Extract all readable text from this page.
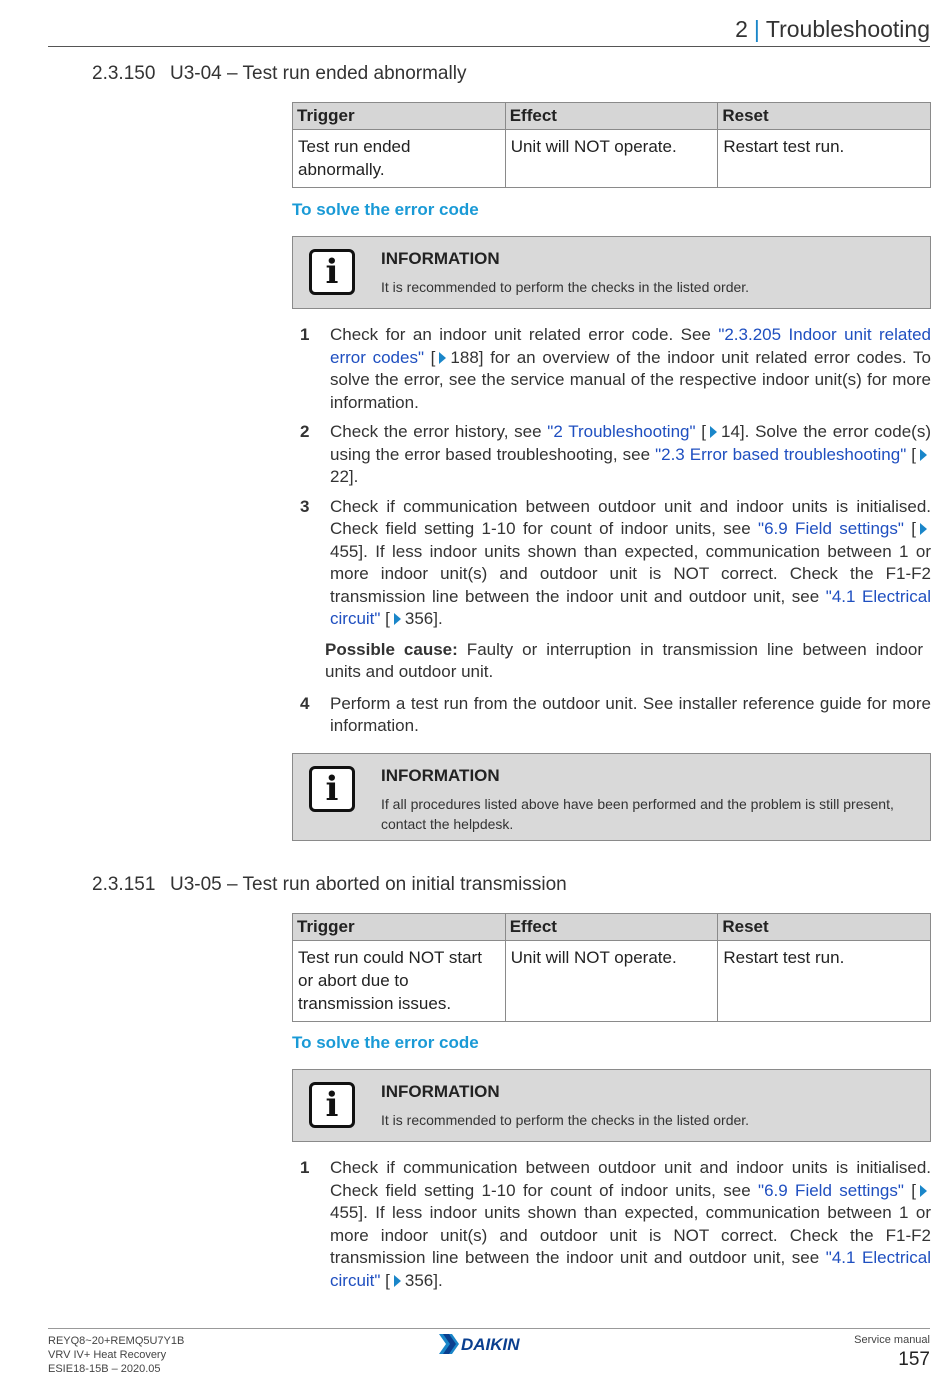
2 | Troubleshooting
2.3.150 U3-04 – Test run ended abnormally
Trigger	Effect	Reset
Test run ended abnormally.	Unit will NOT operate.	Restart test run.
To solve the error code
i	INFORMATION
It is recommended to perform the checks in the listed order.
1 Check for an indoor unit related error code. See "2.3.205 Indoor unit related error codes" [ 188] for an overview of the indoor unit related error codes. To solve the error, see the service manual of the respective indoor unit(s) for more information.
2 Check the error history, see "2 Troubleshooting" [ 14]. Solve the error code(s) using the error based troubleshooting, see "2.3 Error based troubleshooting" [22].
3 Check if communication between outdoor unit and indoor units is initialised. Check field setting 1-10 for count of indoor units, see "6.9 Field settings" [455]. If less indoor units shown than expected, communication between 1 or more indoor unit(s) and outdoor unit is NOT correct. Check the F1-F2 transmission line between the indoor unit and outdoor unit, see "4.1 Electrical circuit" [ 356].
Possible cause: Faulty or interruption in transmission line between indoor units and outdoor unit.
4 Perform a test run from the outdoor unit. See installer reference guide for more information.
i	INFORMATION
If all procedures listed above have been performed and the problem is still present, contact the helpdesk.
2.3.151 U3-05 – Test run aborted on initial transmission
Trigger	Effect	Reset
Test run could NOT start or abort due to transmission issues.	Unit will NOT operate.	Restart test run.
To solve the error code
i	INFORMATION
It is recommended to perform the checks in the listed order.
1 Check if communication between outdoor unit and indoor units is initialised. Check field setting 1-10 for count of indoor units, see "6.9 Field settings" [455]. If less indoor units shown than expected, communication between 1 or more indoor unit(s) and outdoor unit is NOT correct. Check the F1-F2 transmission line between the indoor unit and outdoor unit, see "4.1 Electrical circuit" [ 356].
REYQ8~20+REMQ5U7Y1B
VRV IV+ Heat Recovery
ESIE18-15B – 2020.05
DAIKIN	Service manual
157
